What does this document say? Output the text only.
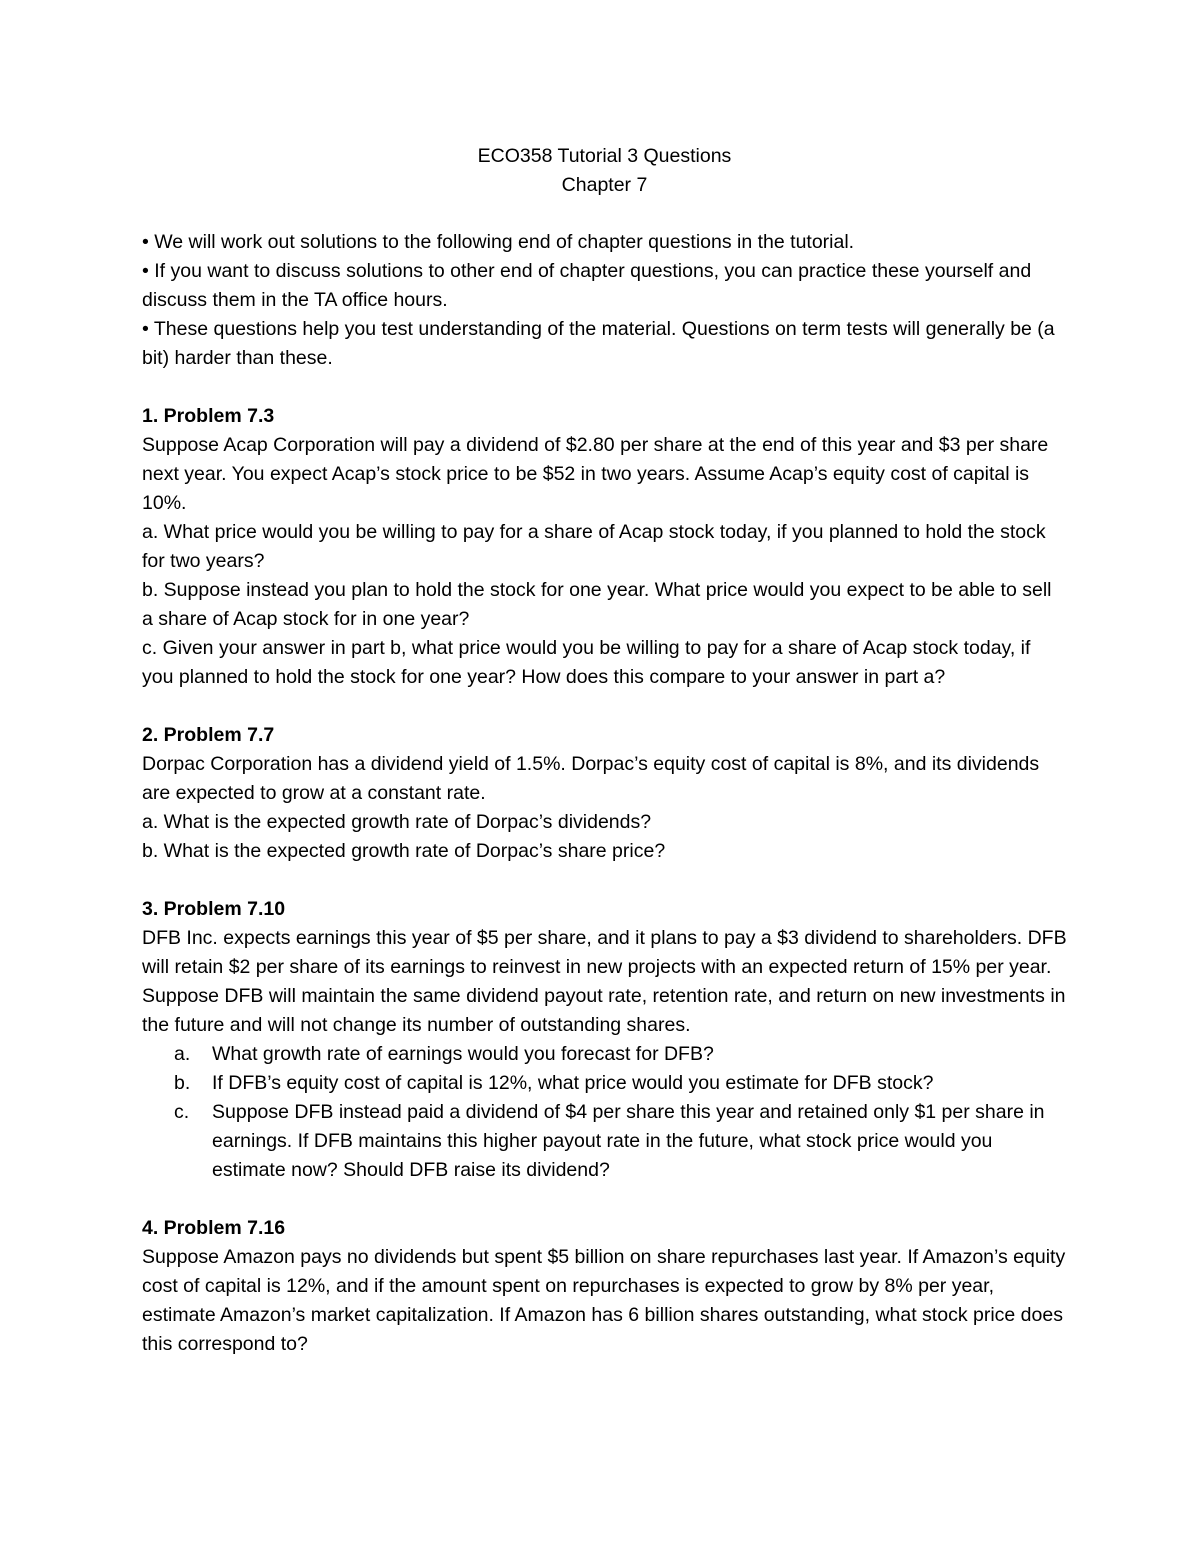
ECO358 Tutorial 3 Questions
Chapter 7

• We will work out solutions to the following end of chapter questions in the tutorial.

• If you want to discuss solutions to other end of chapter questions, you can practice these yourself and discuss them in the TA office hours.

• These questions help you test understanding of the material. Questions on term tests will generally be (a bit) harder than these.

1. Problem 7.3

Suppose Acap Corporation will pay a dividend of $2.80 per share at the end of this year and $3 per share next year. You expect Acap’s stock price to be $52 in two years. Assume Acap’s equity cost of capital is 10%.

a. What price would you be willing to pay for a share of Acap stock today, if you planned to hold the stock for two years?

b. Suppose instead you plan to hold the stock for one year. What price would you expect to be able to sell a share of Acap stock for in one year?

c. Given your answer in part b, what price would you be willing to pay for a share of Acap stock today, if you planned to hold the stock for one year? How does this compare to your answer in part a?

2. Problem 7.7

Dorpac Corporation has a dividend yield of 1.5%. Dorpac’s equity cost of capital is 8%, and its dividends are expected to grow at a constant rate.

a. What is the expected growth rate of Dorpac’s dividends?

b. What is the expected growth rate of Dorpac’s share price?

3. Problem 7.10

DFB Inc. expects earnings this year of $5 per share, and it plans to pay a $3 dividend to shareholders. DFB will retain $2 per share of its earnings to reinvest in new projects with an expected return of 15% per year. Suppose DFB will maintain the same dividend payout rate, retention rate, and return on new investments in the future and will not change its number of outstanding shares.

a. What growth rate of earnings would you forecast for DFB?
b. If DFB’s equity cost of capital is 12%, what price would you estimate for DFB stock?
c. Suppose DFB instead paid a dividend of $4 per share this year and retained only $1 per share in earnings. If DFB maintains this higher payout rate in the future, what stock price would you estimate now? Should DFB raise its dividend?
4. Problem 7.16

Suppose Amazon pays no dividends but spent $5 billion on share repurchases last year. If Amazon’s equity cost of capital is 12%, and if the amount spent on repurchases is expected to grow by 8% per year, estimate Amazon’s market capitalization. If Amazon has 6 billion shares outstanding, what stock price does this correspond to?
